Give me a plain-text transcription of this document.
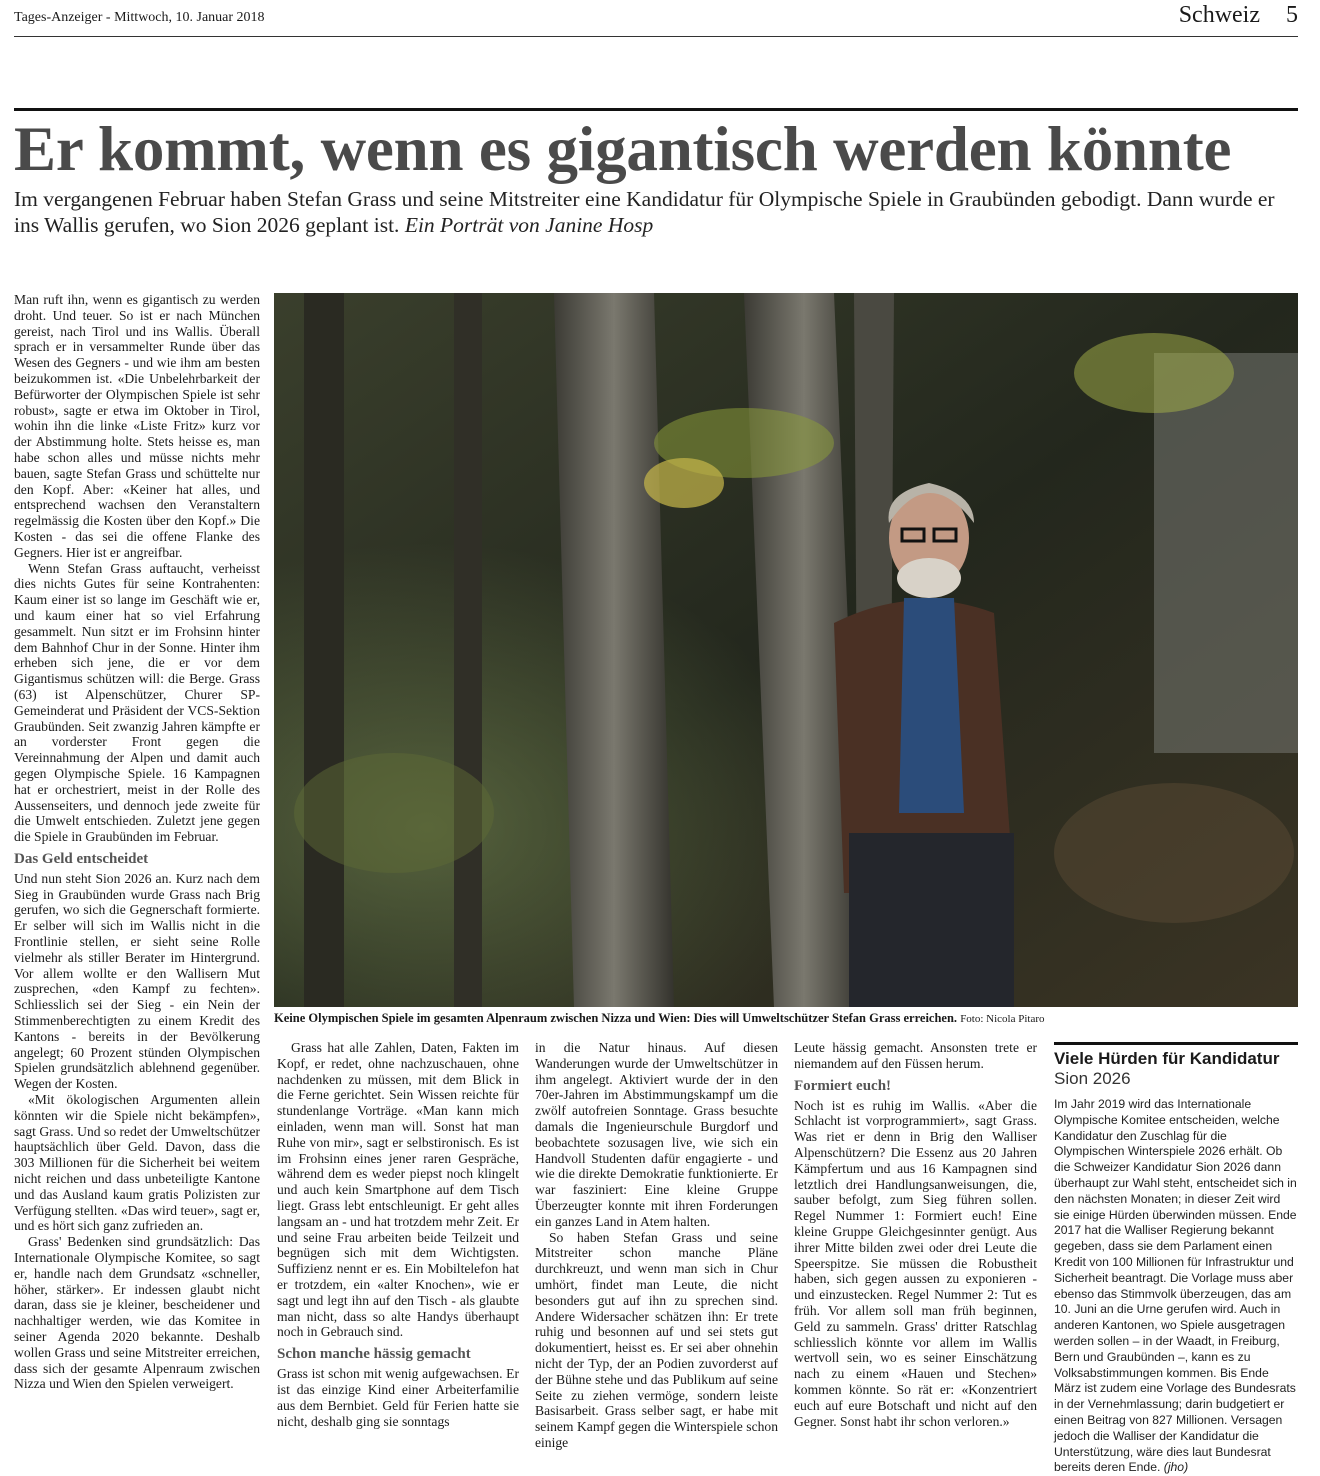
Tages-Anzeiger - Mittwoch, 10. Januar 2018	Schweiz 5
Er kommt, wenn es gigantisch werden könnte
Im vergangenen Februar haben Stefan Grass und seine Mitstreiter eine Kandidatur für Olympische Spiele in Graubünden gebodigt. Dann wurde er ins Wallis gerufen, wo Sion 2026 geplant ist. Ein Porträt von Janine Hosp

Man ruft ihn, wenn es gigantisch zu werden droht. Und teuer. So ist er nach München gereist, nach Tirol und ins Wallis. Überall sprach er in versammelter Runde über das Wesen des Gegners - und wie ihm am besten beizukommen ist. «Die Unbelehrbarkeit der Befürworter der Olympischen Spiele ist sehr robust», sagte er etwa im Oktober in Tirol, wohin ihn die linke «Liste Fritz» kurz vor der Abstimmung holte. Stets heisse es, man habe schon alles und müsse nichts mehr bauen, sagte Stefan Grass und schüttelte nur den Kopf. Aber: «Keiner hat alles, und entsprechend wachsen den Veranstaltern regelmässig die Kosten über den Kopf.» Die Kosten - das sei die offene Flanke des Gegners. Hier ist er angreifbar.

Wenn Stefan Grass auftaucht, verheisst dies nichts Gutes für seine Kontrahenten: Kaum einer ist so lange im Geschäft wie er, und kaum einer hat so viel Erfahrung gesammelt. Nun sitzt er im Frohsinn hinter dem Bahnhof Chur in der Sonne. Hinter ihm erheben sich jene, die er vor dem Gigantismus schützen will: die Berge. Grass (63) ist Alpenschützer, Churer SP-Gemeinderat und Präsident der VCS-Sektion Graubünden. Seit zwanzig Jahren kämpfte er an vorderster Front gegen die Vereinnahmung der Alpen und damit auch gegen Olympische Spiele. 16 Kampagnen hat er orchestriert, meist in der Rolle des Aussenseiters, und dennoch jede zweite für die Umwelt entschieden. Zuletzt jene gegen die Spiele in Graubünden im Februar.

Das Geld entscheidet

Und nun steht Sion 2026 an. Kurz nach dem Sieg in Graubünden wurde Grass nach Brig gerufen, wo sich die Gegnerschaft formierte. Er selber will sich im Wallis nicht in die Frontlinie stellen, er sieht seine Rolle vielmehr als stiller Berater im Hintergrund. Vor allem wollte er den Wallisern Mut zusprechen, «den Kampf zu fechten». Schliesslich sei der Sieg - ein Nein der Stimmenberechtigten zu einem Kredit des Kantons - bereits in der Bevölkerung angelegt; 60 Prozent stünden Olympischen Spielen grundsätzlich ablehnend gegenüber. Wegen der Kosten.

«Mit ökologischen Argumenten allein könnten wir die Spiele nicht bekämpfen», sagt Grass. Und so redet der Umweltschützer hauptsächlich über Geld. Davon, dass die 303 Millionen für die Sicherheit bei weitem nicht reichen und dass unbeteiligte Kantone und das Ausland kaum gratis Polizisten zur Verfügung stellten. «Das wird teuer», sagt er, und es hört sich ganz zufrieden an.

Grass' Bedenken sind grundsätzlich: Das Internationale Olympische Komitee, so sagt er, handle nach dem Grundsatz «schneller, höher, stärker». Er indessen glaubt nicht daran, dass sie je kleiner, bescheidener und nachhaltiger werden, wie das Komitee in seiner Agenda 2020 bekannte. Deshalb wollen Grass und seine Mitstreiter erreichen, dass sich der gesamte Alpenraum zwischen Nizza und Wien den Spielen verweigert.

Keine Olympischen Spiele im gesamten Alpenraum zwischen Nizza und Wien: Dies will Umweltschützer Stefan Grass erreichen. Foto: Nicola Pitaro

Grass hat alle Zahlen, Daten, Fakten im Kopf, er redet, ohne nachzuschauen, ohne nachdenken zu müssen, mit dem Blick in die Ferne gerichtet. Sein Wissen reichte für stundenlange Vorträge. «Man kann mich einladen, wenn man will. Sonst hat man Ruhe von mir», sagt er selbstironisch. Es ist im Frohsinn eines jener raren Gespräche, während dem es weder piepst noch klingelt und auch kein Smartphone auf dem Tisch liegt. Grass lebt entschleunigt. Er geht alles langsam an - und hat trotzdem mehr Zeit. Er und seine Frau arbeiten beide Teilzeit und begnügen sich mit dem Wichtigsten. Suffizienz nennt er es. Ein Mobiltelefon hat er trotzdem, ein «alter Knochen», wie er sagt und legt ihn auf den Tisch - als glaubte man nicht, dass so alte Handys überhaupt noch in Gebrauch sind.

Schon manche hässig gemacht

Grass ist schon mit wenig aufgewachsen. Er ist das einzige Kind einer Arbeiterfamilie aus dem Bernbiet. Geld für Ferien hatte sie nicht, deshalb ging sie sonntags

in die Natur hinaus. Auf diesen Wanderungen wurde der Umweltschützer in ihm angelegt. Aktiviert wurde der in den 70er-Jahren im Abstimmungskampf um die zwölf autofreien Sonntage. Grass besuchte damals die Ingenieurschule Burgdorf und beobachtete sozusagen live, wie sich ein Handvoll Studenten dafür engagierte - und wie die direkte Demokratie funktionierte. Er war fasziniert: Eine kleine Gruppe Überzeugter konnte mit ihren Forderungen ein ganzes Land in Atem halten.

So haben Stefan Grass und seine Mitstreiter schon manche Pläne durchkreuzt, und wenn man sich in Chur umhört, findet man Leute, die nicht besonders gut auf ihn zu sprechen sind. Andere Widersacher schätzen ihn: Er trete ruhig und besonnen auf und sei stets gut dokumentiert, heisst es. Er sei aber ohnehin nicht der Typ, der an Podien zuvorderst auf der Bühne stehe und das Publikum auf seine Seite zu ziehen vermöge, sondern leiste Basisarbeit. Grass selber sagt, er habe mit seinem Kampf gegen die Winterspiele schon einige

Leute hässig gemacht. Ansonsten trete er niemandem auf den Füssen herum.

Formiert euch!

Noch ist es ruhig im Wallis. «Aber die Schlacht ist vorprogrammiert», sagt Grass. Was riet er denn in Brig den Walliser Alpenschützern? Die Essenz aus 20 Jahren Kämpfertum und aus 16 Kampagnen sind letztlich drei Handlungsanweisungen, die, sauber befolgt, zum Sieg führen sollen. Regel Nummer 1: Formiert euch! Eine kleine Gruppe Gleichgesinnter genügt. Aus ihrer Mitte bilden zwei oder drei Leute die Speerspitze. Sie müssen die Robustheit haben, sich gegen aussen zu exponieren - und einzustecken. Regel Nummer 2: Tut es früh. Vor allem soll man früh beginnen, Geld zu sammeln. Grass' dritter Ratschlag schliesslich könnte vor allem im Wallis wertvoll sein, wo es seiner Einschätzung nach zu einem «Hauen und Stechen» kommen könnte. So rät er: «Konzentriert euch auf eure Botschaft und nicht auf den Gegner. Sonst habt ihr schon verloren.»

Viele Hürden für Kandidatur
Sion 2026
Im Jahr 2019 wird das Internationale Olympische Komitee entscheiden, welche Kandidatur den Zuschlag für die Olympischen Winterspiele 2026 erhält. Ob die Schweizer Kandidatur Sion 2026 dann überhaupt zur Wahl steht, entscheidet sich in den nächsten Monaten; in dieser Zeit wird sie einige Hürden überwinden müssen. Ende 2017 hat die Walliser Regierung bekannt gegeben, dass sie dem Parlament einen Kredit von 100 Millionen für Infrastruktur und Sicherheit beantragt. Die Vorlage muss aber ebenso das Stimmvolk überzeugen, das am 10. Juni an die Urne gerufen wird. Auch in anderen Kantonen, wo Spiele ausgetragen werden sollen – in der Waadt, in Freiburg, Bern und Graubünden –, kann es zu Volksabstimmungen kommen. Bis Ende März ist zudem eine Vorlage des Bundesrats in der Vernehmlassung; darin budgetiert er einen Beitrag von 827 Millionen. Versagen jedoch die Walliser der Kandidatur die Unterstützung, wäre dies laut Bundesrat bereits deren Ende. (jho)
